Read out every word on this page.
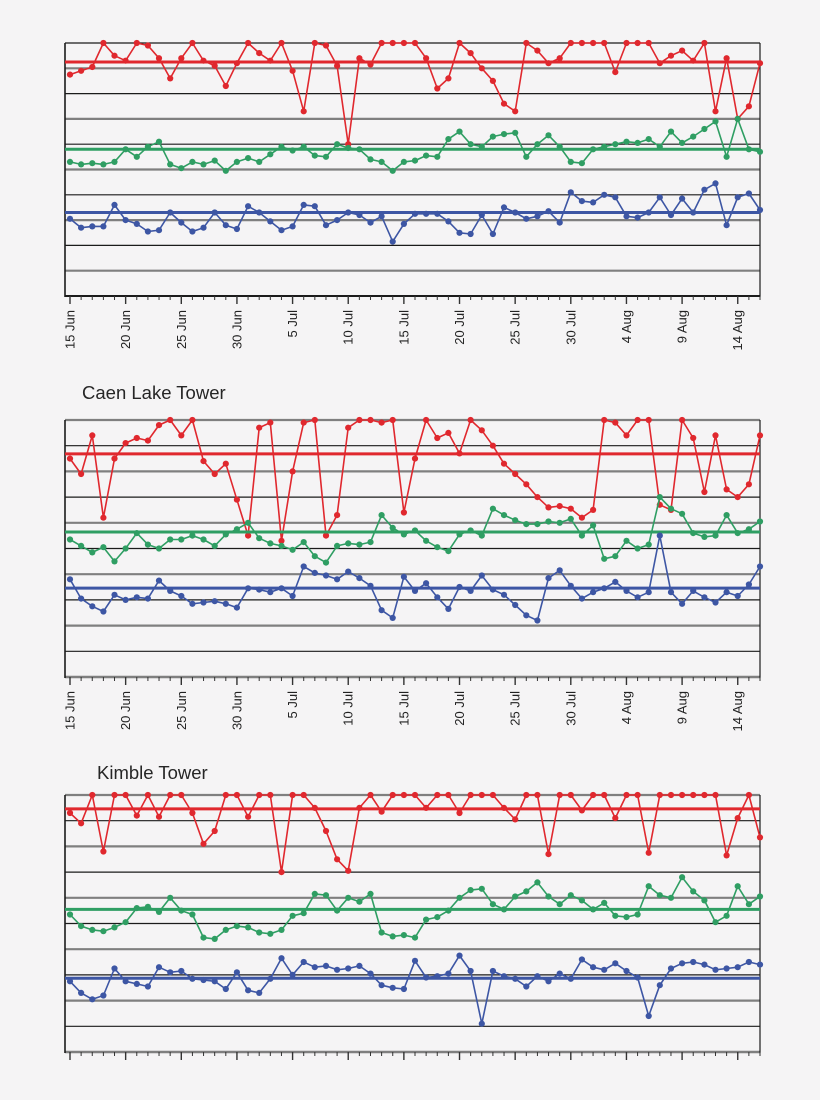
15 Jun	20 Jun	25 Jun	30 Jun	5 Jul	10 Jul	15 Jul	20 Jul	25 Jul	30 Jul	4 Aug	9 Aug	14 Aug
Caen Lake Tower
15 Jun	20 Jun	25 Jun	30 Jun	5 Jul	10 Jul	15 Jul	20 Jul	25 Jul	30 Jul	4 Aug	9 Aug	14 Aug
Kimble Tower
